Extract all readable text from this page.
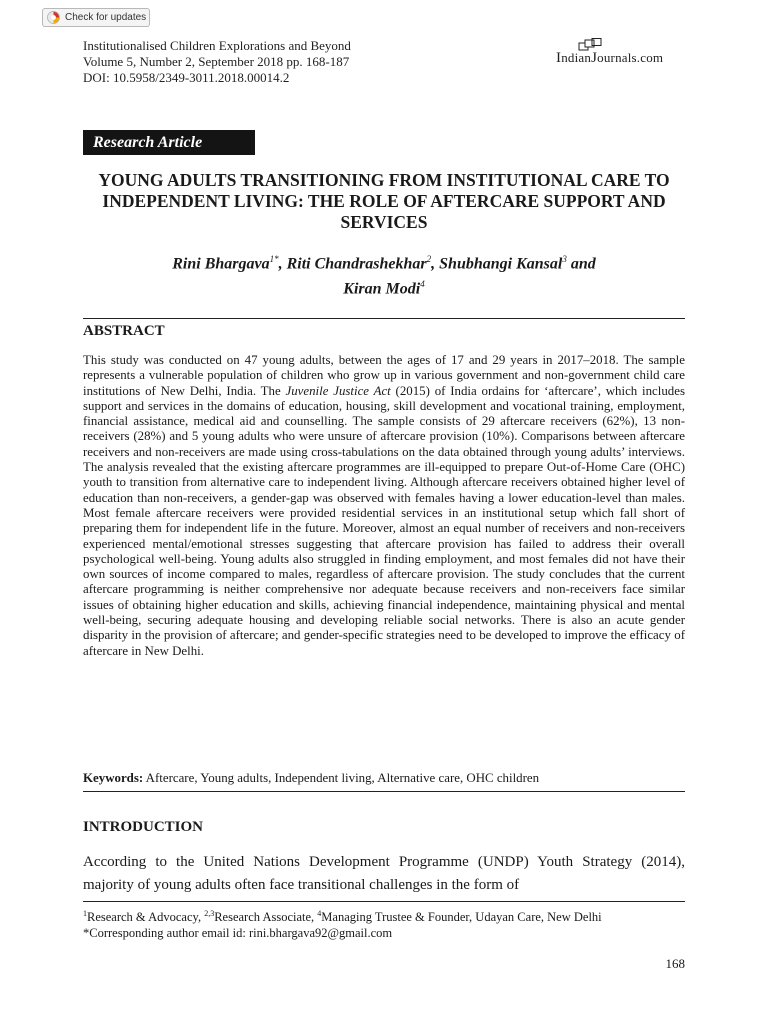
Check for updates
Institutionalised Children Explorations and Beyond
Volume 5, Number 2, September 2018 pp. 168-187
DOI: 10.5958/2349-3011.2018.00014.2
IndianJournals.com
Research Article
YOUNG ADULTS TRANSITIONING FROM INSTITUTIONAL CARE TO INDEPENDENT LIVING: THE ROLE OF AFTERCARE SUPPORT AND SERVICES
Rini Bhargava$^{1*}$, Riti Chandrashekhar$^2$, Shubhangi Kansal$^3$ and
Kiran Modi$^4$
ABSTRACT

This study was conducted on 47 young adults, between the ages of 17 and 29 years in 2017–2018. The sample represents a vulnerable population of children who grow up in various government and non-government child care institutions of New Delhi, India. The Juvenile Justice Act (2015) of India ordains for ‘aftercare’, which includes support and services in the domains of education, housing, skill development and vocational training, employment, financial assistance, medical aid and counselling. The sample consists of 29 aftercare receivers (62%), 13 non-receivers (28%) and 5 young adults who were unsure of aftercare provision (10%). Comparisons between aftercare receivers and non-receivers are made using cross-tabulations on the data obtained through young adults’ interviews. The analysis revealed that the existing aftercare programmes are ill-equipped to prepare Out-of-Home Care (OHC) youth to transition from alternative care to independent living. Although aftercare receivers obtained higher level of education than non-receivers, a gender-gap was observed with females having a lower education-level than males. Most female aftercare receivers were provided residential services in an institutional setup which fall short of preparing them for independent life in the future. Moreover, almost an equal number of receivers and non-receivers experienced mental/emotional stresses suggesting that aftercare provision has failed to address their overall psychological well-being. Young adults also struggled in finding employment, and most females did not have their own sources of income compared to males, regardless of aftercare provision. The study concludes that the current aftercare programming is neither comprehensive nor adequate because receivers and non-receivers face similar issues of obtaining higher education and skills, achieving financial independence, maintaining physical and mental well-being, securing adequate housing and developing reliable social networks. There is also an acute gender disparity in the provision of aftercare; and gender-specific strategies need to be developed to improve the efficacy of aftercare in New Delhi.

Keywords: Aftercare, Young adults, Independent living, Alternative care, OHC children
INTRODUCTION

According to the United Nations Development Programme (UNDP) Youth Strategy (2014), majority of young adults often face transitional challenges in the form of

$^1$Research & Advocacy, $^{2,3}$Research Associate, $^4$Managing Trustee & Founder, Udayan Care, New Delhi
*Corresponding author email id: rini.bhargava92@gmail.com
168
